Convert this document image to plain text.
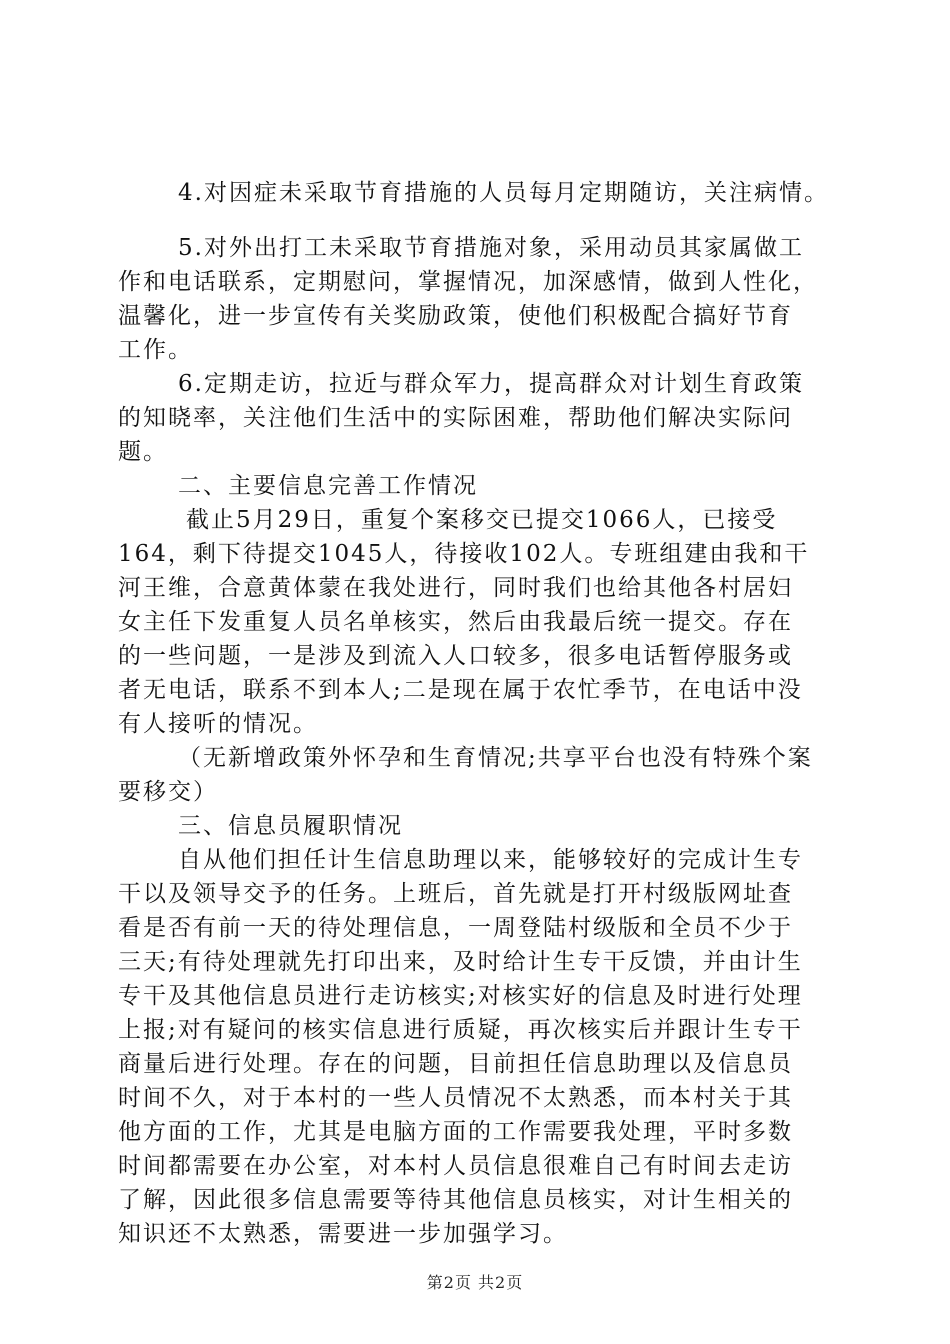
4.对因症未采取节育措施的人员每月定期随访，关注病情。
5.对外出打工未采取节育措施对象，采用动员其家属做工
作和电话联系，定期慰问，掌握情况，加深感情，做到人性化，
温馨化，进一步宣传有关奖励政策，使他们积极配合搞好节育
工作。
6.定期走访，拉近与群众军力，提高群众对计划生育政策
的知晓率，关注他们生活中的实际困难，帮助他们解决实际问
题。
二、主要信息完善工作情况
截止5月29日，重复个案移交已提交1066人，已接受
164，剩下待提交1045人，待接收102人。专班组建由我和干
河王维，合意黄体蒙在我处进行，同时我们也给其他各村居妇
女主任下发重复人员名单核实，然后由我最后统一提交。存在
的一些问题，一是涉及到流入人口较多，很多电话暂停服务或
者无电话，联系不到本人;二是现在属于农忙季节，在电话中没
有人接听的情况。
（无新增政策外怀孕和生育情况;共享平台也没有特殊个案
要移交）
三、信息员履职情况
自从他们担任计生信息助理以来，能够较好的完成计生专
干以及领导交予的任务。上班后，首先就是打开村级版网址查
看是否有前一天的待处理信息，一周登陆村级版和全员不少于
三天;有待处理就先打印出来，及时给计生专干反馈，并由计生
专干及其他信息员进行走访核实;对核实好的信息及时进行处理
上报;对有疑问的核实信息进行质疑，再次核实后并跟计生专干
商量后进行处理。存在的问题，目前担任信息助理以及信息员
时间不久，对于本村的一些人员情况不太熟悉，而本村关于其
他方面的工作，尤其是电脑方面的工作需要我处理，平时多数
时间都需要在办公室，对本村人员信息很难自己有时间去走访
了解，因此很多信息需要等待其他信息员核实，对计生相关的
知识还不太熟悉，需要进一步加强学习。
第2页 共2页
